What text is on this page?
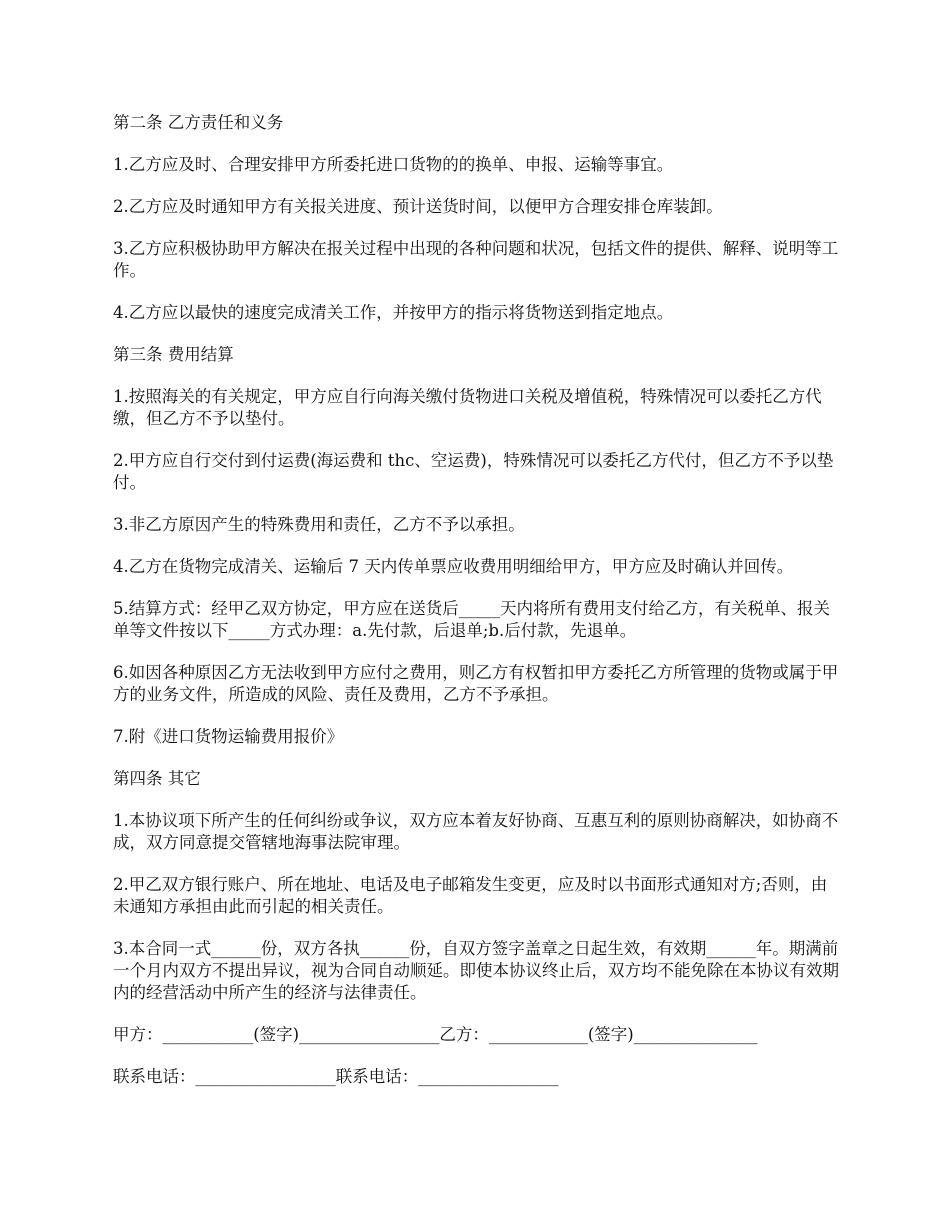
第二条 乙方责任和义务

1.乙方应及时、合理安排甲方所委托进口货物的的换单、申报、运输等事宜。

2.乙方应及时通知甲方有关报关进度、预计送货时间，以便甲方合理安排仓库装卸。

3.乙方应积极协助甲方解决在报关过程中出现的各种问题和状况，包括文件的提供、解释、说明等工作。

4.乙方应以最快的速度完成清关工作，并按甲方的指示将货物送到指定地点。

第三条 费用结算

1.按照海关的有关规定，甲方应自行向海关缴付货物进口关税及增值税，特殊情况可以委托乙方代缴，但乙方不予以垫付。

2.甲方应自行交付到付运费(海运费和 thc、空运费)，特殊情况可以委托乙方代付，但乙方不予以垫付。

3.非乙方原因产生的特殊费用和责任，乙方不予以承担。

4.乙方在货物完成清关、运输后 7 天内传单票应收费用明细给甲方，甲方应及时确认并回传。

5.结算方式：经甲乙双方协定，甲方应在送货后_____天内将所有费用支付给乙方，有关税单、报关单等文件按以下_____方式办理：a.先付款，后退单;b.后付款，先退单。

6.如因各种原因乙方无法收到甲方应付之费用，则乙方有权暂扣甲方委托乙方所管理的货物或属于甲方的业务文件，所造成的风险、责任及费用，乙方不予承担。

7.附《进口货物运输费用报价》

第四条 其它

1.本协议项下所产生的任何纠纷或争议，双方应本着友好协商、互惠互利的原则协商解决，如协商不成，双方同意提交管辖地海事法院审理。

2.甲乙双方银行账户、所在地址、电话及电子邮箱发生变更，应及时以书面形式通知对方;否则，由未通知方承担由此而引起的相关责任。

3.本合同一式______份，双方各执______份，自双方签字盖章之日起生效，有效期______年。期满前一个月内双方不提出异议，视为合同自动顺延。即使本协议终止后，双方均不能免除在本协议有效期内的经营活动中所产生的经济与法律责任。

甲方：___________(签字)_________________乙方：____________(签字)_______________

联系电话：_________________联系电话：_________________
